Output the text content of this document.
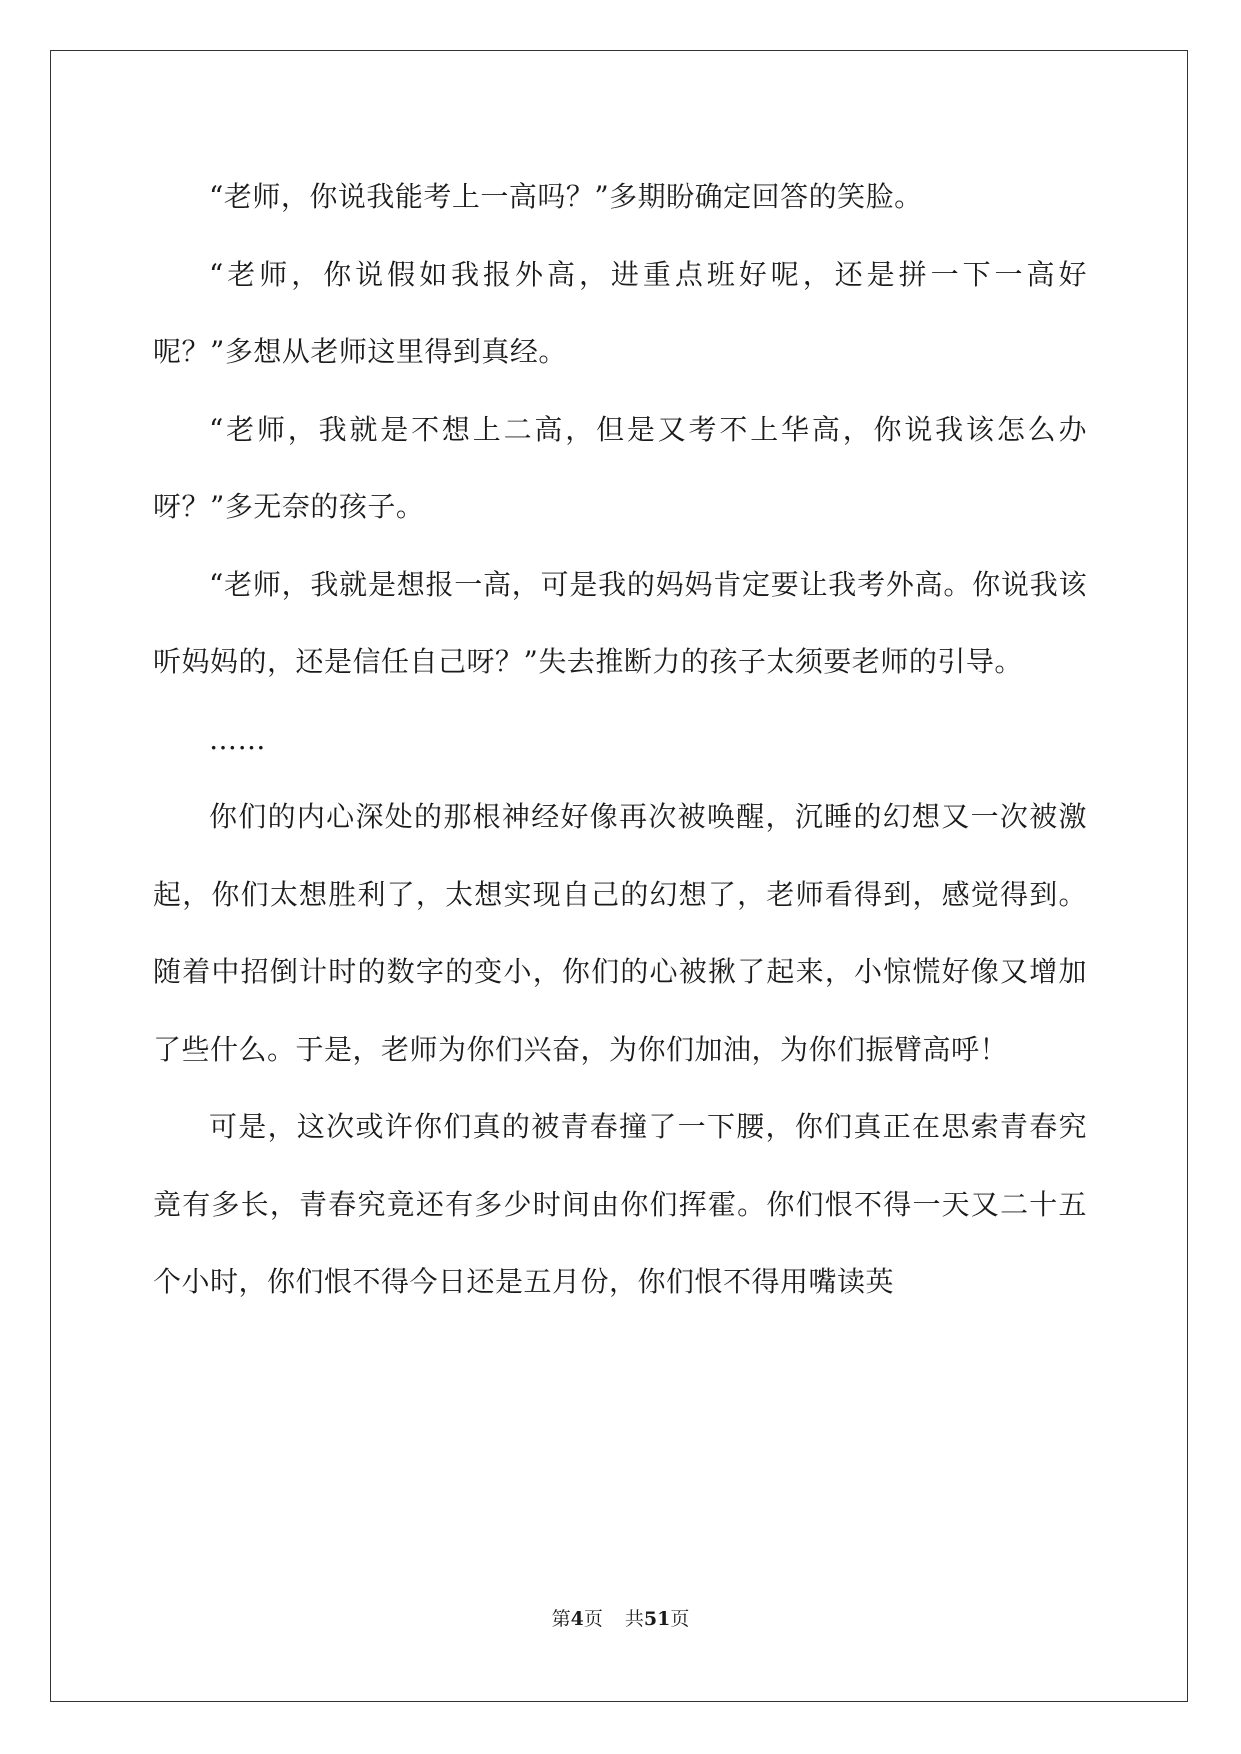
“老师，你说我能考上一高吗？”多期盼确定回答的笑脸。

“老师，你说假如我报外高，进重点班好呢，还是拼一下一高好呢？”多想从老师这里得到真经。

“老师，我就是不想上二高，但是又考不上华高，你说我该怎么办呀？”多无奈的孩子。

“老师，我就是想报一高，可是我的妈妈肯定要让我考外高。你说我该听妈妈的，还是信任自己呀？”失去推断力的孩子太须要老师的引导。

……

你们的内心深处的那根神经好像再次被唤醒，沉睡的幻想又一次被激起，你们太想胜利了，太想实现自己的幻想了，老师看得到，感觉得到。随着中招倒计时的数字的变小，你们的心被揪了起来，小惊慌好像又增加了些什么。于是，老师为你们兴奋，为你们加油，为你们振臂高呼！

可是，这次或许你们真的被青春撞了一下腰，你们真正在思索青春究竟有多长，青春究竟还有多少时间由你们挥霍。你们恨不得一天又二十五个小时，你们恨不得今日还是五月份，你们恨不得用嘴读英

第4页 共51页
